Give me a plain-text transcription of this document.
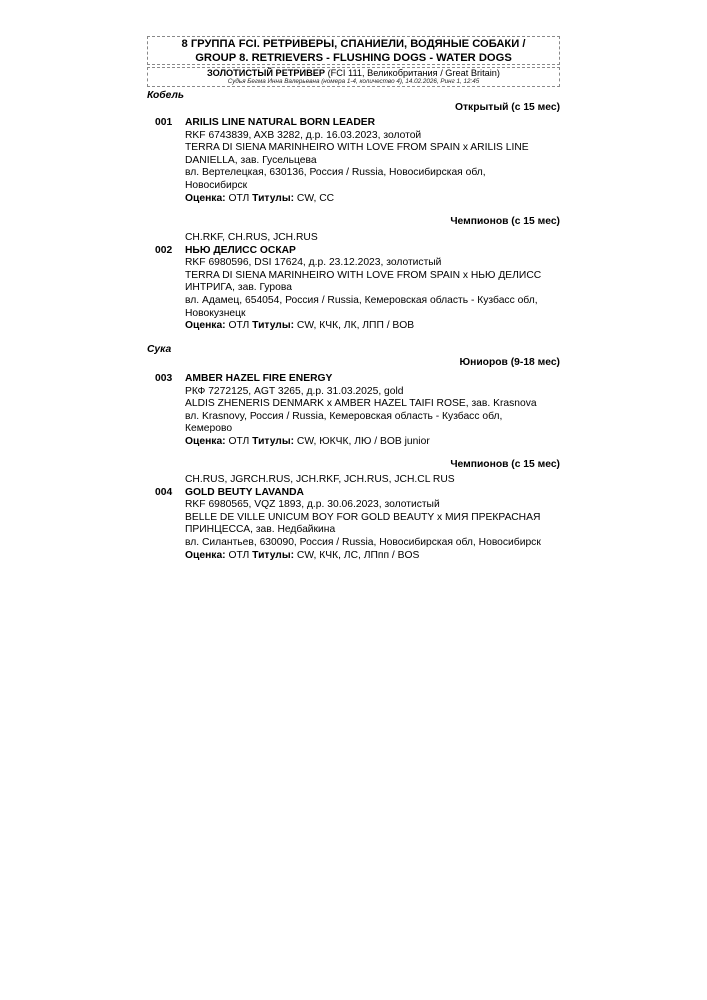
8 ГРУППА FCI. РЕТРИВЕРЫ, СПАНИЕЛИ, ВОДЯНЫЕ СОБАКИ /
GROUP 8. RETRIEVERS - FLUSHING DOGS - WATER DOGS
ЗОЛОТИСТЫЙ РЕТРИВЕР (FCI 111, Великобритания / Great Britain)
Судья Бегма Инна Валерьевна (номера 1-4, количество 4), 14.02.2026, Ринг 1, 12:45
Кобель
Открытый (с 15 мес)
001 ARILIS LINE NATURAL BORN LEADER
RKF 6743839, AXB 3282, д.р. 16.03.2023, золотой
TERRA DI SIENA MARINHEIRO WITH LOVE FROM SPAIN x ARILIS LINE
DANIELLA, зав. Гусельцева
вл. Вертелецкая, 630136, Россия / Russia, Новосибирская обл,
Новосибирск
Оценка: ОТЛ Титулы: CW, CC
Чемпионов (с 15 мес)
CH.RKF, CH.RUS, JCH.RUS
002 НЬЮ ДЕЛИСС ОСКАР
RKF 6980596, DSI 17624, д.р. 23.12.2023, золотистый
TERRA DI SIENA MARINHEIRO WITH LOVE FROM SPAIN x НЬЮ ДЕЛИСС
ИНТРИГА, зав. Гурова
вл. Адамец, 654054, Россия / Russia, Кемеровская область - Кузбасс обл,
Новокузнецк
Оценка: ОТЛ Титулы: CW, КЧК, ЛК, ЛПП / BOB
Сука
Юниоров (9-18 мес)
003 AMBER HAZEL FIRE ENERGY
РКФ 7272125, AGT 3265, д.р. 31.03.2025, gold
ALDIS ZHENERIS DENMARK x AMBER HAZEL TAIFI ROSE, зав. Krasnova
вл. Krasnovy, Россия / Russia, Кемеровская область - Кузбасс обл,
Кемерово
Оценка: ОТЛ Титулы: CW, ЮКЧК, ЛЮ / BOB junior
Чемпионов (с 15 мес)
CH.RUS, JGRCH.RUS, JCH.RKF, JCH.RUS, JCH.CL RUS
004 GOLD BEUTY LAVANDA
RKF 6980565, VQZ 1893, д.р. 30.06.2023, золотистый
BELLE DE VILLE UNICUM BOY FOR GOLD BEAUTY x МИЯ ПРЕКРАСНАЯ
ПРИНЦЕССА, зав. Недбайкина
вл. Силантьев, 630090, Россия / Russia, Новосибирская обл, Новосибирск
Оценка: ОТЛ Титулы: CW, КЧК, ЛС, ЛПпп / BOS
